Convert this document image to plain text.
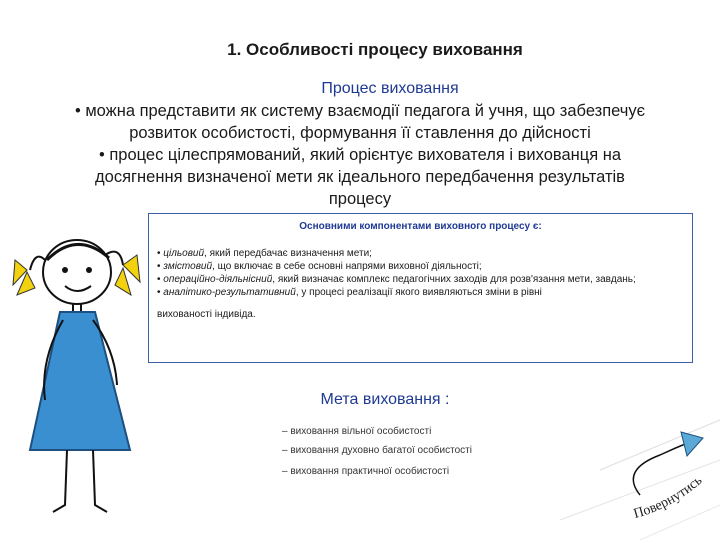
1. Особливості процесу виховання
Процес виховання
• можна представити як систему взаємодії педагога й учня, що забезпечує
розвиток особистості, формування її ставлення до дійсності
• процес цілеспрямований, який орієнтує вихователя і вихованця на
досягнення визначеної мети як ідеального передбачення результатів
процесу
Основними компонентами виховного процесу є:

• цільовий, який передбачає визначення мети;

• змістовий, що включає в себе основні напрями виховної діяльності;

• операційно-діяльнісний, який визначає комплекс педагогічних заходів для розв'язання мети, завдань;

• аналітико-результативний, у процесі реалізації якого виявляються зміни в рівні

вихованості індивіда.

Мета виховання :
– виховання вільної особистості
– виховання духовно багатої особистості
– виховання практичної особистості
Повернутись
